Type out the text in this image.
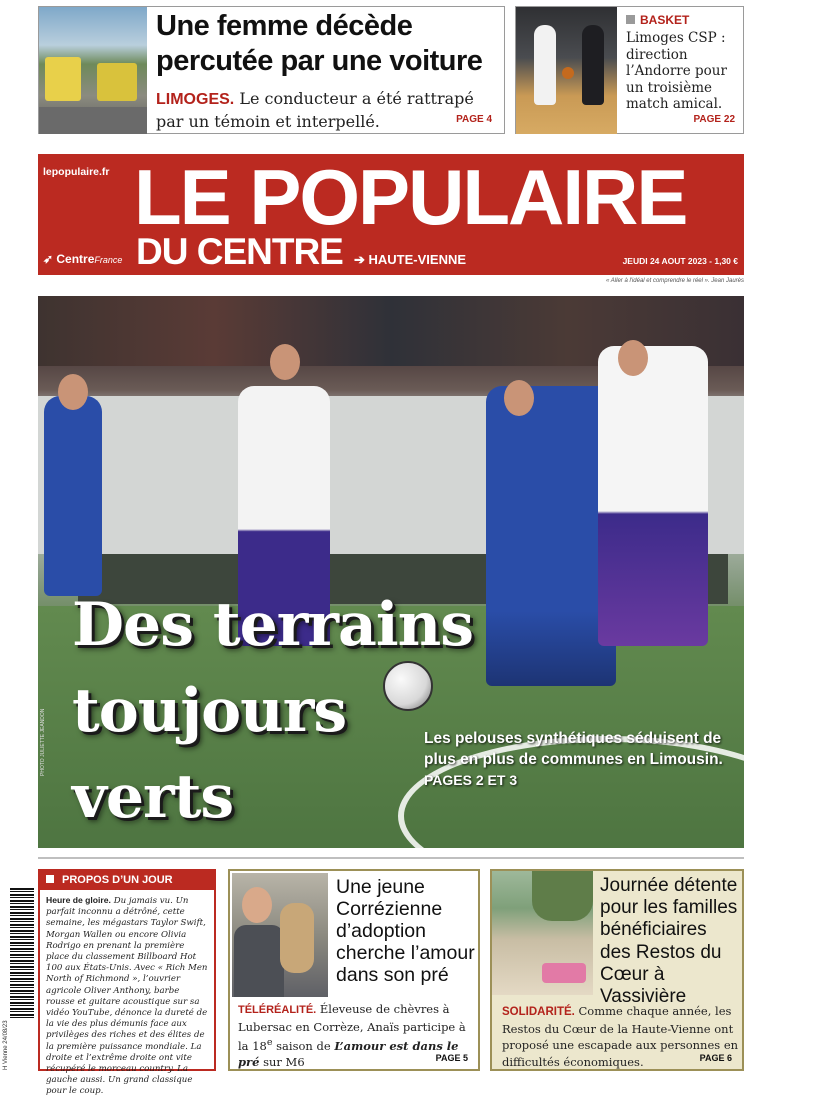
Une femme décède percutée par une voiture
LIMOGES. Le conducteur a été rattrapé par un témoin et interpellé.	PAGE 4
BASKET
Limoges CSP : direction l’Andorre pour un troisième match amical.
PAGE 22
lepopulaire.fr LE POPULAIRE
DU CENTRE
➶ CentreFrance	➔ HAUTE-VIENNE	JEUDI 24 AOUT 2023 - 1,30 €
« Aller à l'idéal et comprendre le réel ». Jean Jaurès
Des terrains
toujours
verts
Les pelouses synthétiques séduisent de plus en plus de communes en Limousin.
PAGES 2 ET 3
PHOTO JULIETTE JEANDON
H Vienne 24/08/23
PROPOS D’UN JOUR
Heure de gloire. Du jamais vu. Un parfait inconnu a détrôné, cette semaine, les mégastars Taylor Swift, Morgan Wallen ou encore Olivia Rodrigo en prenant la première place du classement Billboard Hot 100 aux États-Unis. Avec « Rich Men North of Richmond », l’ouvrier agricole Oliver Anthony, barbe rousse et guitare acoustique sur sa vidéo YouTube, dénonce la dureté de la vie des plus démunis face aux privilèges des riches et des élites de la première puissance mondiale. La droite et l’extrême droite ont vite récupéré le morceau country. La gauche aussi. Un grand classique pour le coup.
Une jeune Corrézienne d’adoption cherche l’amour dans son pré
TÉLÉRÉALITÉ. Éleveuse de chèvres à Lubersac en Corrèze, Anaïs participe à la 18e saison de L’amour est dans le pré sur M6	PAGE 5
Journée détente pour les familles bénéficiaires des Restos du Cœur à Vassivière
SOLIDARITÉ. Comme chaque année, les Restos du Cœur de la Haute-Vienne ont proposé une escapade aux personnes en difficultés économiques.	PAGE 6
